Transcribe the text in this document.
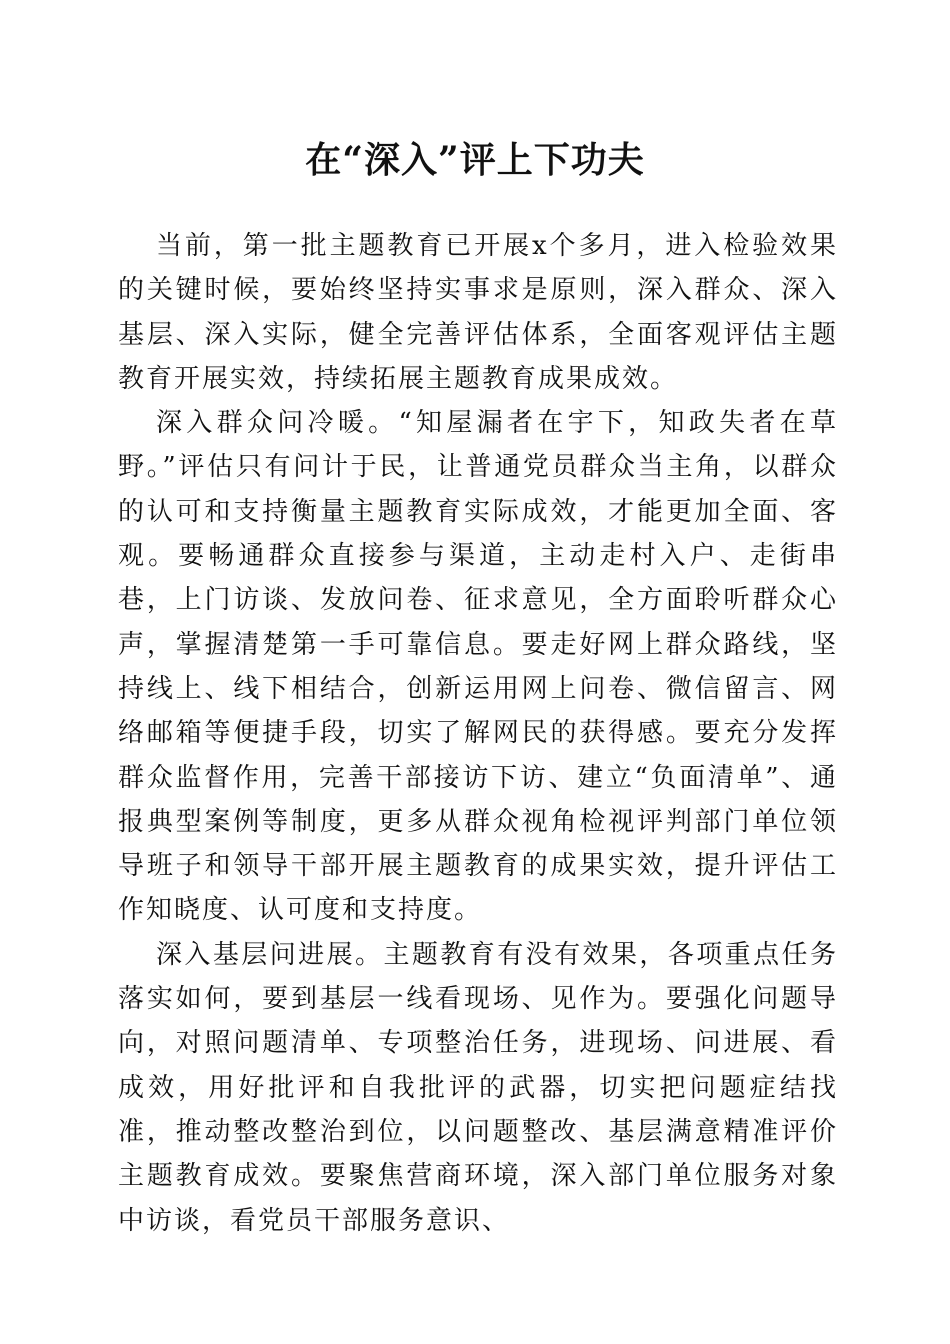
在“深入”评上下功夫

当前，第一批主题教育已开展x个多月，进入检验效果的关键时候，要始终坚持实事求是原则，深入群众、深入基层、深入实际，健全完善评估体系，全面客观评估主题教育开展实效，持续拓展主题教育成果成效。

深入群众问冷暖。“知屋漏者在宇下，知政失者在草野。”评估只有问计于民，让普通党员群众当主角，以群众的认可和支持衡量主题教育实际成效，才能更加全面、客观。要畅通群众直接参与渠道，主动走村入户、走街串巷，上门访谈、发放问卷、征求意见，全方面聆听群众心声，掌握清楚第一手可靠信息。要走好网上群众路线，坚持线上、线下相结合，创新运用网上问卷、微信留言、网络邮箱等便捷手段，切实了解网民的获得感。要充分发挥群众监督作用，完善干部接访下访、建立“负面清单”、通报典型案例等制度，更多从群众视角检视评判部门单位领导班子和领导干部开展主题教育的成果实效，提升评估工作知晓度、认可度和支持度。

深入基层问进展。主题教育有没有效果，各项重点任务落实如何，要到基层一线看现场、见作为。要强化问题导向，对照问题清单、专项整治任务，进现场、问进展、看成效，用好批评和自我批评的武器，切实把问题症结找准，推动整改整治到位，以问题整改、基层满意精准评价主题教育成效。要聚焦营商环境，深入部门单位服务对象中访谈，看党员干部服务意识、
